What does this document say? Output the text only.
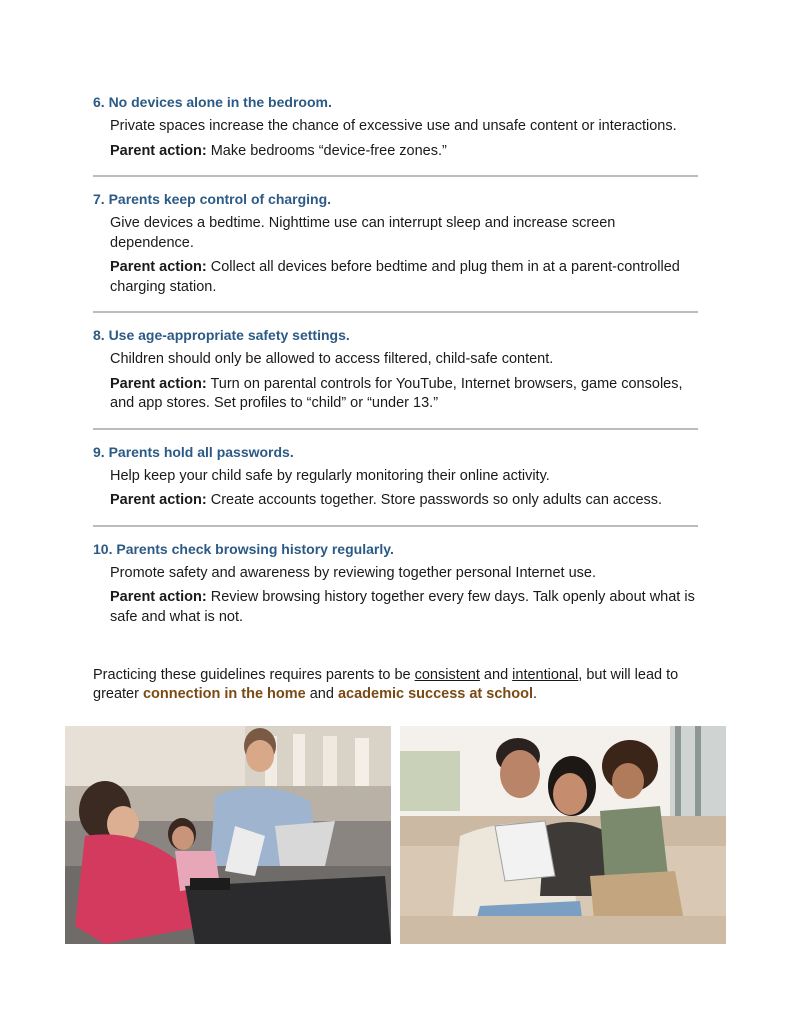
6. No devices alone in the bedroom.

Private spaces increase the chance of excessive use and unsafe content or interactions.

Parent action: Make bedrooms “device-free zones.”

7. Parents keep control of charging.

Give devices a bedtime. Nighttime use can interrupt sleep and increase screen dependence.

Parent action: Collect all devices before bedtime and plug them in at a parent-controlled charging station.

8. Use age-appropriate safety settings.

Children should only be allowed to access filtered, child-safe content.

Parent action: Turn on parental controls for YouTube, Internet browsers, game consoles, and app stores. Set profiles to “child” or “under 13.”

9. Parents hold all passwords.

Help keep your child safe by regularly monitoring their online activity.

Parent action: Create accounts together. Store passwords so only adults can access.

10. Parents check browsing history regularly.

Promote safety and awareness by reviewing together personal Internet use.

Parent action: Review browsing history together every few days. Talk openly about what is safe and what is not.

Practicing these guidelines requires parents to be consistent and intentional, but will lead to greater connection in the home and academic success at school.
